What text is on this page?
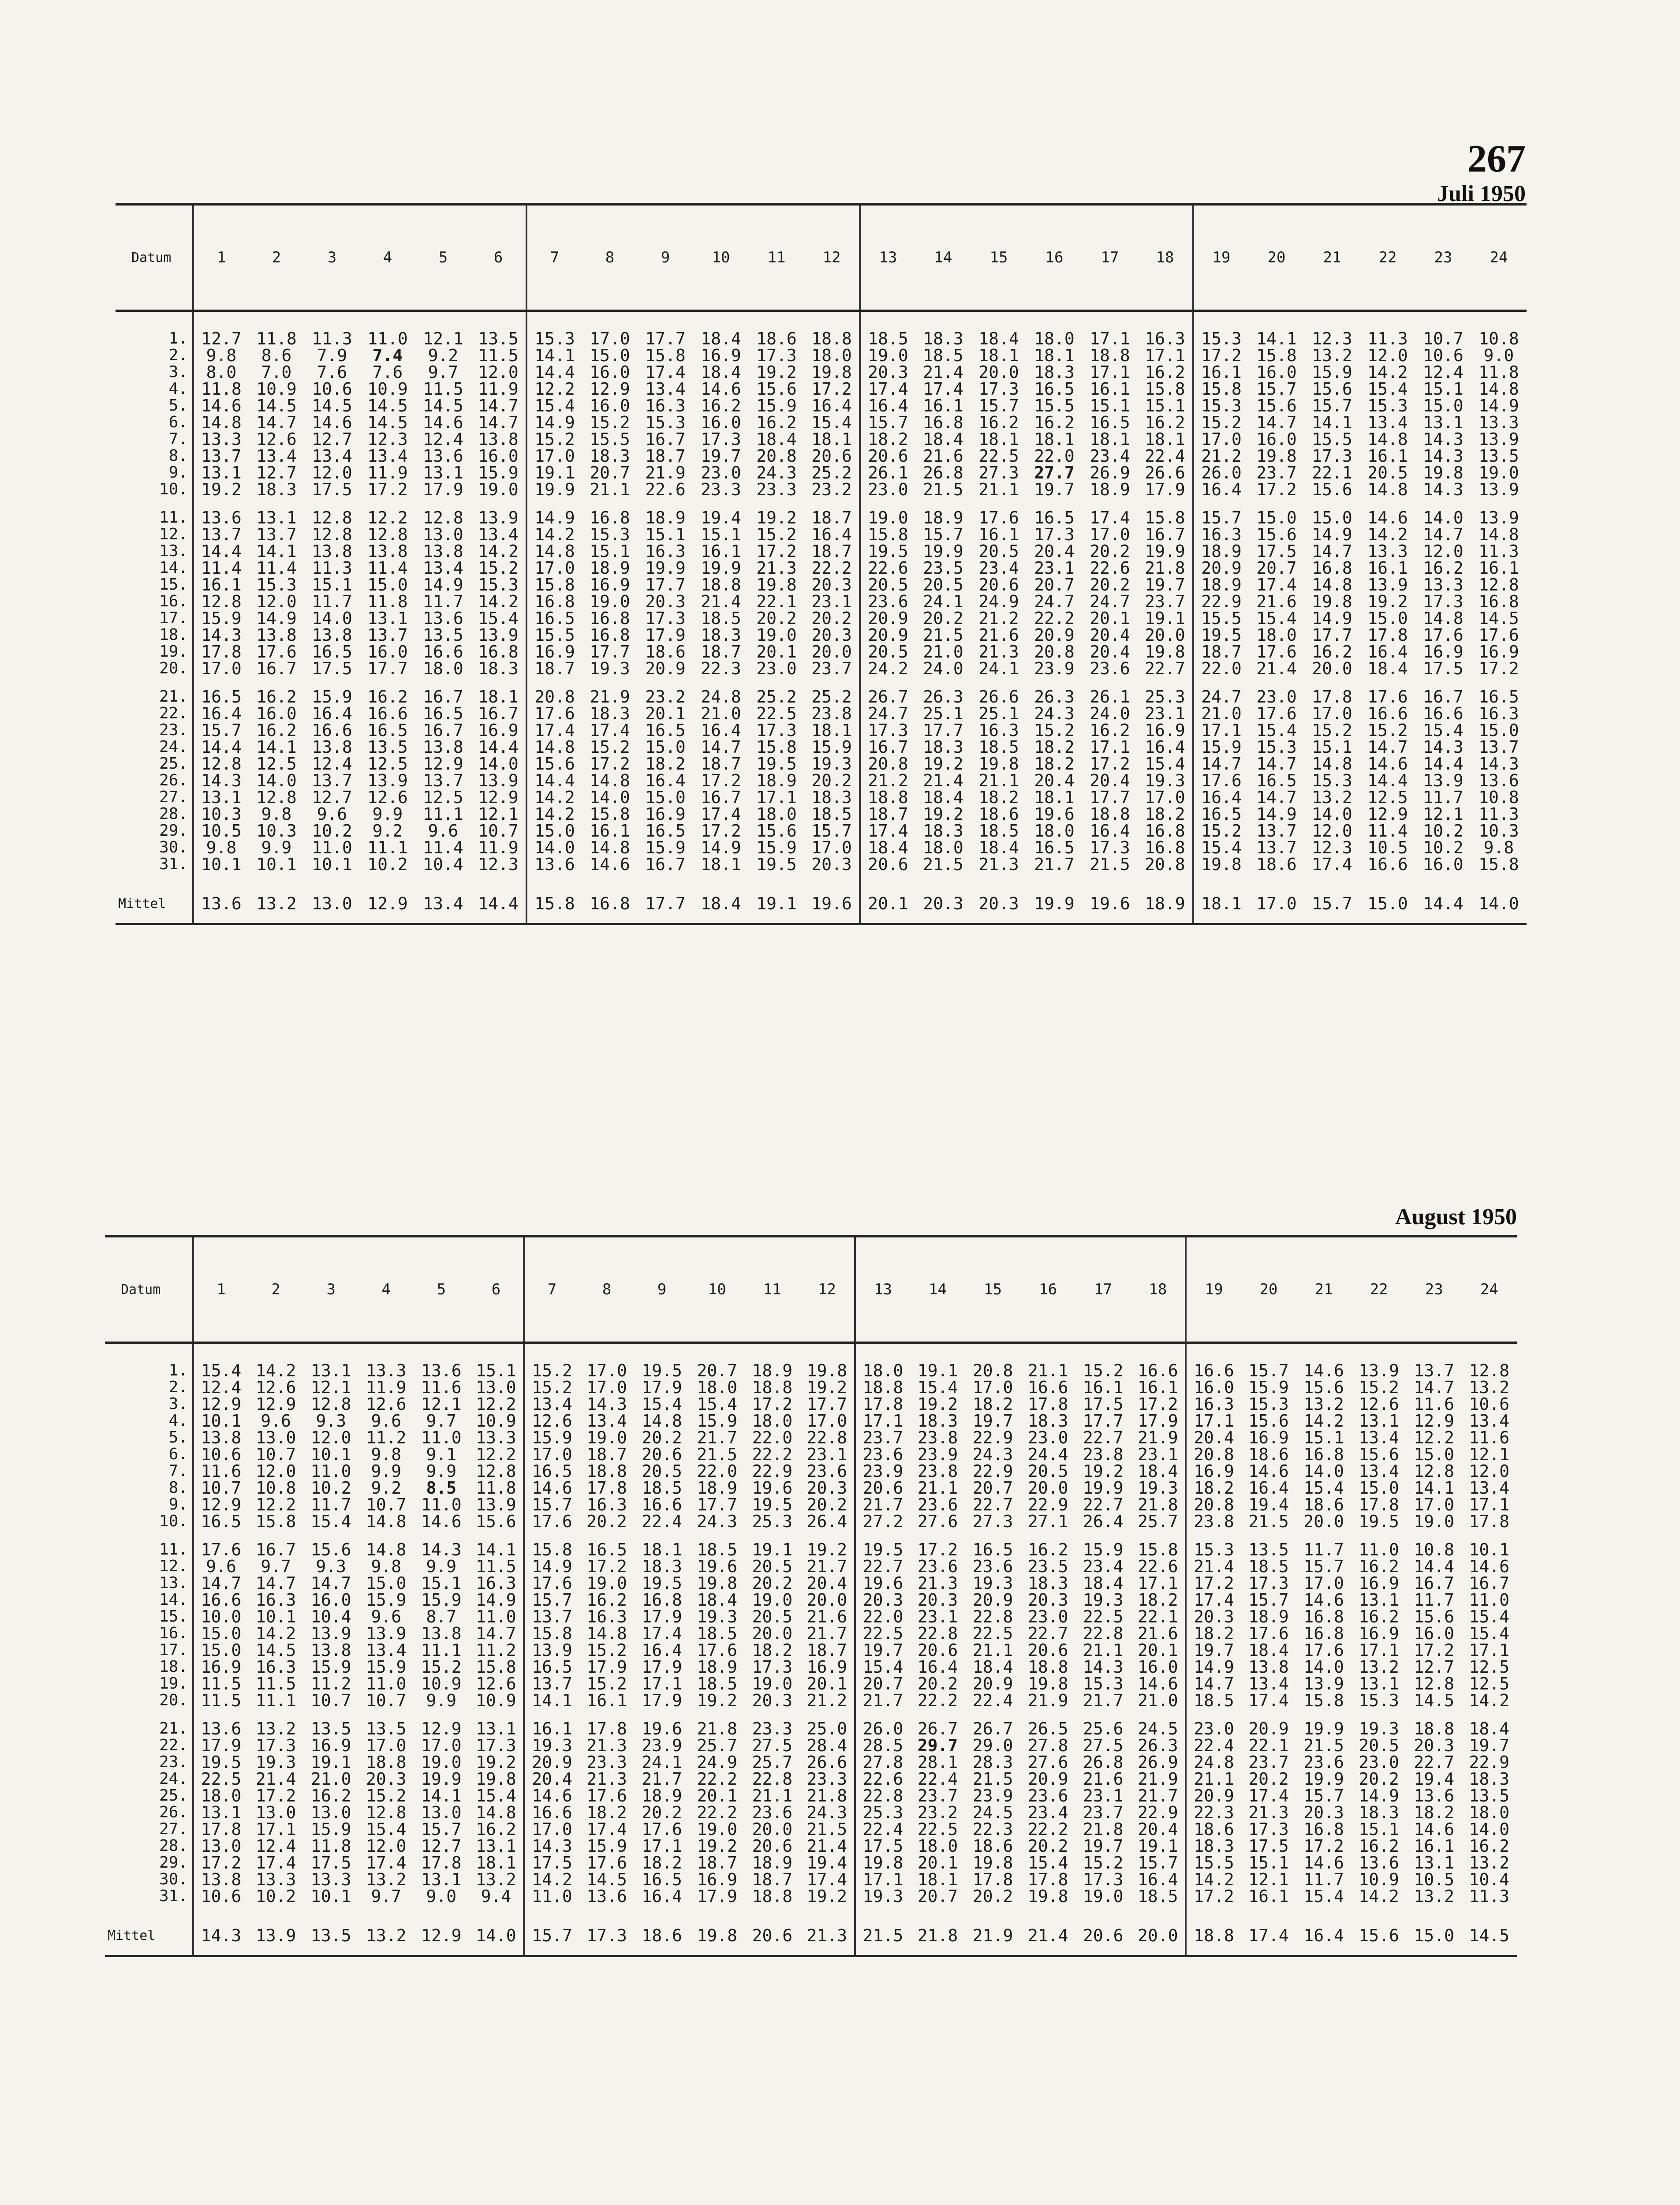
267
Juli 1950
Datum	1	2	3	4	5	6	7	8	9	10	11	12	13	14	15	16	17	18	19	20	21	22	23	24

1.	12.7	11.8	11.3	11.0	12.1	13.5	15.3	17.0	17.7	18.4	18.6	18.8	18.5	18.3	18.4	18.0	17.1	16.3	15.3	14.1	12.3	11.3	10.7	10.8
2.	9.8	8.6	7.9	7.4	9.2	11.5	14.1	15.0	15.8	16.9	17.3	18.0	19.0	18.5	18.1	18.1	18.8	17.1	17.2	15.8	13.2	12.0	10.6	9.0
3.	8.0	7.0	7.6	7.6	9.7	12.0	14.4	16.0	17.4	18.4	19.2	19.8	20.3	21.4	20.0	18.3	17.1	16.2	16.1	16.0	15.9	14.2	12.4	11.8
4.	11.8	10.9	10.6	10.9	11.5	11.9	12.2	12.9	13.4	14.6	15.6	17.2	17.4	17.4	17.3	16.5	16.1	15.8	15.8	15.7	15.6	15.4	15.1	14.8
5.	14.6	14.5	14.5	14.5	14.5	14.7	15.4	16.0	16.3	16.2	15.9	16.4	16.4	16.1	15.7	15.5	15.1	15.1	15.3	15.6	15.7	15.3	15.0	14.9
6.	14.8	14.7	14.6	14.5	14.6	14.7	14.9	15.2	15.3	16.0	16.2	15.4	15.7	16.8	16.2	16.2	16.5	16.2	15.2	14.7	14.1	13.4	13.1	13.3
7.	13.3	12.6	12.7	12.3	12.4	13.8	15.2	15.5	16.7	17.3	18.4	18.1	18.2	18.4	18.1	18.1	18.1	18.1	17.0	16.0	15.5	14.8	14.3	13.9
8.	13.7	13.4	13.4	13.4	13.6	16.0	17.0	18.3	18.7	19.7	20.8	20.6	20.6	21.6	22.5	22.0	23.4	22.4	21.2	19.8	17.3	16.1	14.3	13.5
9.	13.1	12.7	12.0	11.9	13.1	15.9	19.1	20.7	21.9	23.0	24.3	25.2	26.1	26.8	27.3	27.7	26.9	26.6	26.0	23.7	22.1	20.5	19.8	19.0
10.	19.2	18.3	17.5	17.2	17.9	19.0	19.9	21.1	22.6	23.3	23.3	23.2	23.0	21.5	21.1	19.7	18.9	17.9	16.4	17.2	15.6	14.8	14.3	13.9

11.	13.6	13.1	12.8	12.2	12.8	13.9	14.9	16.8	18.9	19.4	19.2	18.7	19.0	18.9	17.6	16.5	17.4	15.8	15.7	15.0	15.0	14.6	14.0	13.9
12.	13.7	13.7	12.8	12.8	13.0	13.4	14.2	15.3	15.1	15.1	15.2	16.4	15.8	15.7	16.1	17.3	17.0	16.7	16.3	15.6	14.9	14.2	14.7	14.8
13.	14.4	14.1	13.8	13.8	13.8	14.2	14.8	15.1	16.3	16.1	17.2	18.7	19.5	19.9	20.5	20.4	20.2	19.9	18.9	17.5	14.7	13.3	12.0	11.3
14.	11.4	11.4	11.3	11.4	13.4	15.2	17.0	18.9	19.9	19.9	21.3	22.2	22.6	23.5	23.4	23.1	22.6	21.8	20.9	20.7	16.8	16.1	16.2	16.1
15.	16.1	15.3	15.1	15.0	14.9	15.3	15.8	16.9	17.7	18.8	19.8	20.3	20.5	20.5	20.6	20.7	20.2	19.7	18.9	17.4	14.8	13.9	13.3	12.8
16.	12.8	12.0	11.7	11.8	11.7	14.2	16.8	19.0	20.3	21.4	22.1	23.1	23.6	24.1	24.9	24.7	24.7	23.7	22.9	21.6	19.8	19.2	17.3	16.8
17.	15.9	14.9	14.0	13.1	13.6	15.4	16.5	16.8	17.3	18.5	20.2	20.2	20.9	20.2	21.2	22.2	20.1	19.1	15.5	15.4	14.9	15.0	14.8	14.5
18.	14.3	13.8	13.8	13.7	13.5	13.9	15.5	16.8	17.9	18.3	19.0	20.3	20.9	21.5	21.6	20.9	20.4	20.0	19.5	18.0	17.7	17.8	17.6	17.6
19.	17.8	17.6	16.5	16.0	16.6	16.8	16.9	17.7	18.6	18.7	20.1	20.0	20.5	21.0	21.3	20.8	20.4	19.8	18.7	17.6	16.2	16.4	16.9	16.9
20.	17.0	16.7	17.5	17.7	18.0	18.3	18.7	19.3	20.9	22.3	23.0	23.7	24.2	24.0	24.1	23.9	23.6	22.7	22.0	21.4	20.0	18.4	17.5	17.2

21.	16.5	16.2	15.9	16.2	16.7	18.1	20.8	21.9	23.2	24.8	25.2	25.2	26.7	26.3	26.6	26.3	26.1	25.3	24.7	23.0	17.8	17.6	16.7	16.5
22.	16.4	16.0	16.4	16.6	16.5	16.7	17.6	18.3	20.1	21.0	22.5	23.8	24.7	25.1	25.1	24.3	24.0	23.1	21.0	17.6	17.0	16.6	16.6	16.3
23.	15.7	16.2	16.6	16.5	16.7	16.9	17.4	17.4	16.5	16.4	17.3	18.1	17.3	17.7	16.3	15.2	16.2	16.9	17.1	15.4	15.2	15.2	15.4	15.0
24.	14.4	14.1	13.8	13.5	13.8	14.4	14.8	15.2	15.0	14.7	15.8	15.9	16.7	18.3	18.5	18.2	17.1	16.4	15.9	15.3	15.1	14.7	14.3	13.7
25.	12.8	12.5	12.4	12.5	12.9	14.0	15.6	17.2	18.2	18.7	19.5	19.3	20.8	19.2	19.8	18.2	17.2	15.4	14.7	14.7	14.8	14.6	14.4	14.3
26.	14.3	14.0	13.7	13.9	13.7	13.9	14.4	14.8	16.4	17.2	18.9	20.2	21.2	21.4	21.1	20.4	20.4	19.3	17.6	16.5	15.3	14.4	13.9	13.6
27.	13.1	12.8	12.7	12.6	12.5	12.9	14.2	14.0	15.0	16.7	17.1	18.3	18.8	18.4	18.2	18.1	17.7	17.0	16.4	14.7	13.2	12.5	11.7	10.8
28.	10.3	9.8	9.6	9.9	11.1	12.1	14.2	15.8	16.9	17.4	18.0	18.5	18.7	19.2	18.6	19.6	18.8	18.2	16.5	14.9	14.0	12.9	12.1	11.3
29.	10.5	10.3	10.2	9.2	9.6	10.7	15.0	16.1	16.5	17.2	15.6	15.7	17.4	18.3	18.5	18.0	16.4	16.8	15.2	13.7	12.0	11.4	10.2	10.3
30.	9.8	9.9	11.0	11.1	11.4	11.9	14.0	14.8	15.9	14.9	15.9	17.0	18.4	18.0	18.4	16.5	17.3	16.8	15.4	13.7	12.3	10.5	10.2	9.8
31.	10.1	10.1	10.1	10.2	10.4	12.3	13.6	14.6	16.7	18.1	19.5	20.3	20.6	21.5	21.3	21.7	21.5	20.8	19.8	18.6	17.4	16.6	16.0	15.8

Mittel	13.6	13.2	13.0	12.9	13.4	14.4	15.8	16.8	17.7	18.4	19.1	19.6	20.1	20.3	20.3	19.9	19.6	18.9	18.1	17.0	15.7	15.0	14.4	14.0
August 1950
Datum	1	2	3	4	5	6	7	8	9	10	11	12	13	14	15	16	17	18	19	20	21	22	23	24

1.	15.4	14.2	13.1	13.3	13.6	15.1	15.2	17.0	19.5	20.7	18.9	19.8	18.0	19.1	20.8	21.1	15.2	16.6	16.6	15.7	14.6	13.9	13.7	12.8
2.	12.4	12.6	12.1	11.9	11.6	13.0	15.2	17.0	17.9	18.0	18.8	19.2	18.8	15.4	17.0	16.6	16.1	16.1	16.0	15.9	15.6	15.2	14.7	13.2
3.	12.9	12.9	12.8	12.6	12.1	12.2	13.4	14.3	15.4	15.4	17.2	17.7	17.8	19.2	18.2	17.8	17.5	17.2	16.3	15.3	13.2	12.6	11.6	10.6
4.	10.1	9.6	9.3	9.6	9.7	10.9	12.6	13.4	14.8	15.9	18.0	17.0	17.1	18.3	19.7	18.3	17.7	17.9	17.1	15.6	14.2	13.1	12.9	13.4
5.	13.8	13.0	12.0	11.2	11.0	13.3	15.9	19.0	20.2	21.7	22.0	22.8	23.7	23.8	22.9	23.0	22.7	21.9	20.4	16.9	15.1	13.4	12.2	11.6
6.	10.6	10.7	10.1	9.8	9.1	12.2	17.0	18.7	20.6	21.5	22.2	23.1	23.6	23.9	24.3	24.4	23.8	23.1	20.8	18.6	16.8	15.6	15.0	12.1
7.	11.6	12.0	11.0	9.9	9.9	12.8	16.5	18.8	20.5	22.0	22.9	23.6	23.9	23.8	22.9	20.5	19.2	18.4	16.9	14.6	14.0	13.4	12.8	12.0
8.	10.7	10.8	10.2	9.2	8.5	11.8	14.6	17.8	18.5	18.9	19.6	20.3	20.6	21.1	20.7	20.0	19.9	19.3	18.2	16.4	15.4	15.0	14.1	13.4
9.	12.9	12.2	11.7	10.7	11.0	13.9	15.7	16.3	16.6	17.7	19.5	20.2	21.7	23.6	22.7	22.9	22.7	21.8	20.8	19.4	18.6	17.8	17.0	17.1
10.	16.5	15.8	15.4	14.8	14.6	15.6	17.6	20.2	22.4	24.3	25.3	26.4	27.2	27.6	27.3	27.1	26.4	25.7	23.8	21.5	20.0	19.5	19.0	17.8

11.	17.6	16.7	15.6	14.8	14.3	14.1	15.8	16.5	18.1	18.5	19.1	19.2	19.5	17.2	16.5	16.2	15.9	15.8	15.3	13.5	11.7	11.0	10.8	10.1
12.	9.6	9.7	9.3	9.8	9.9	11.5	14.9	17.2	18.3	19.6	20.5	21.7	22.7	23.6	23.6	23.5	23.4	22.6	21.4	18.5	15.7	16.2	14.4	14.6
13.	14.7	14.7	14.7	15.0	15.1	16.3	17.6	19.0	19.5	19.8	20.2	20.4	19.6	21.3	19.3	18.3	18.4	17.1	17.2	17.3	17.0	16.9	16.7	16.7
14.	16.6	16.3	16.0	15.9	15.9	14.9	15.7	16.2	16.8	18.4	19.0	20.0	20.3	20.3	20.9	20.3	19.3	18.2	17.4	15.7	14.6	13.1	11.7	11.0
15.	10.0	10.1	10.4	9.6	8.7	11.0	13.7	16.3	17.9	19.3	20.5	21.6	22.0	23.1	22.8	23.0	22.5	22.1	20.3	18.9	16.8	16.2	15.6	15.4
16.	15.0	14.2	13.9	13.9	13.8	14.7	15.8	14.8	17.4	18.5	20.0	21.7	22.5	22.8	22.5	22.7	22.8	21.6	18.2	17.6	16.8	16.9	16.0	15.4
17.	15.0	14.5	13.8	13.4	11.1	11.2	13.9	15.2	16.4	17.6	18.2	18.7	19.7	20.6	21.1	20.6	21.1	20.1	19.7	18.4	17.6	17.1	17.2	17.1
18.	16.9	16.3	15.9	15.9	15.2	15.8	16.5	17.9	17.9	18.9	17.3	16.9	15.4	16.4	18.4	18.8	14.3	16.0	14.9	13.8	14.0	13.2	12.7	12.5
19.	11.5	11.5	11.2	11.0	10.9	12.6	13.7	15.2	17.1	18.5	19.0	20.1	20.7	20.2	20.9	19.8	15.3	14.6	14.7	13.4	13.9	13.1	12.8	12.5
20.	11.5	11.1	10.7	10.7	9.9	10.9	14.1	16.1	17.9	19.2	20.3	21.2	21.7	22.2	22.4	21.9	21.7	21.0	18.5	17.4	15.8	15.3	14.5	14.2

21.	13.6	13.2	13.5	13.5	12.9	13.1	16.1	17.8	19.6	21.8	23.3	25.0	26.0	26.7	26.7	26.5	25.6	24.5	23.0	20.9	19.9	19.3	18.8	18.4
22.	17.9	17.3	16.9	17.0	17.0	17.3	19.3	21.3	23.9	25.7	27.5	28.4	28.5	29.7	29.0	27.8	27.5	26.3	22.4	22.1	21.5	20.5	20.3	19.7
23.	19.5	19.3	19.1	18.8	19.0	19.2	20.9	23.3	24.1	24.9	25.7	26.6	27.8	28.1	28.3	27.6	26.8	26.9	24.8	23.7	23.6	23.0	22.7	22.9
24.	22.5	21.4	21.0	20.3	19.9	19.8	20.4	21.3	21.7	22.2	22.8	23.3	22.6	22.4	21.5	20.9	21.6	21.9	21.1	20.2	19.9	20.2	19.4	18.3
25.	18.0	17.2	16.2	15.2	14.1	15.4	14.6	17.6	18.9	20.1	21.1	21.8	22.8	23.7	23.9	23.6	23.1	21.7	20.9	17.4	15.7	14.9	13.6	13.5
26.	13.1	13.0	13.0	12.8	13.0	14.8	16.6	18.2	20.2	22.2	23.6	24.3	25.3	23.2	24.5	23.4	23.7	22.9	22.3	21.3	20.3	18.3	18.2	18.0
27.	17.8	17.1	15.9	15.4	15.7	16.2	17.0	17.4	17.6	19.0	20.0	21.5	22.4	22.5	22.3	22.2	21.8	20.4	18.6	17.3	16.8	15.1	14.6	14.0
28.	13.0	12.4	11.8	12.0	12.7	13.1	14.3	15.9	17.1	19.2	20.6	21.4	17.5	18.0	18.6	20.2	19.7	19.1	18.3	17.5	17.2	16.2	16.1	16.2
29.	17.2	17.4	17.5	17.4	17.8	18.1	17.5	17.6	18.2	18.7	18.9	19.4	19.8	20.1	19.8	15.4	15.2	15.7	15.5	15.1	14.6	13.6	13.1	13.2
30.	13.8	13.3	13.3	13.2	13.1	13.2	14.2	14.5	16.5	16.9	18.7	17.4	17.1	18.1	17.8	17.8	17.3	16.4	14.2	12.1	11.7	10.9	10.5	10.4
31.	10.6	10.2	10.1	9.7	9.0	9.4	11.0	13.6	16.4	17.9	18.8	19.2	19.3	20.7	20.2	19.8	19.0	18.5	17.2	16.1	15.4	14.2	13.2	11.3

Mittel	14.3	13.9	13.5	13.2	12.9	14.0	15.7	17.3	18.6	19.8	20.6	21.3	21.5	21.8	21.9	21.4	20.6	20.0	18.8	17.4	16.4	15.6	15.0	14.5
